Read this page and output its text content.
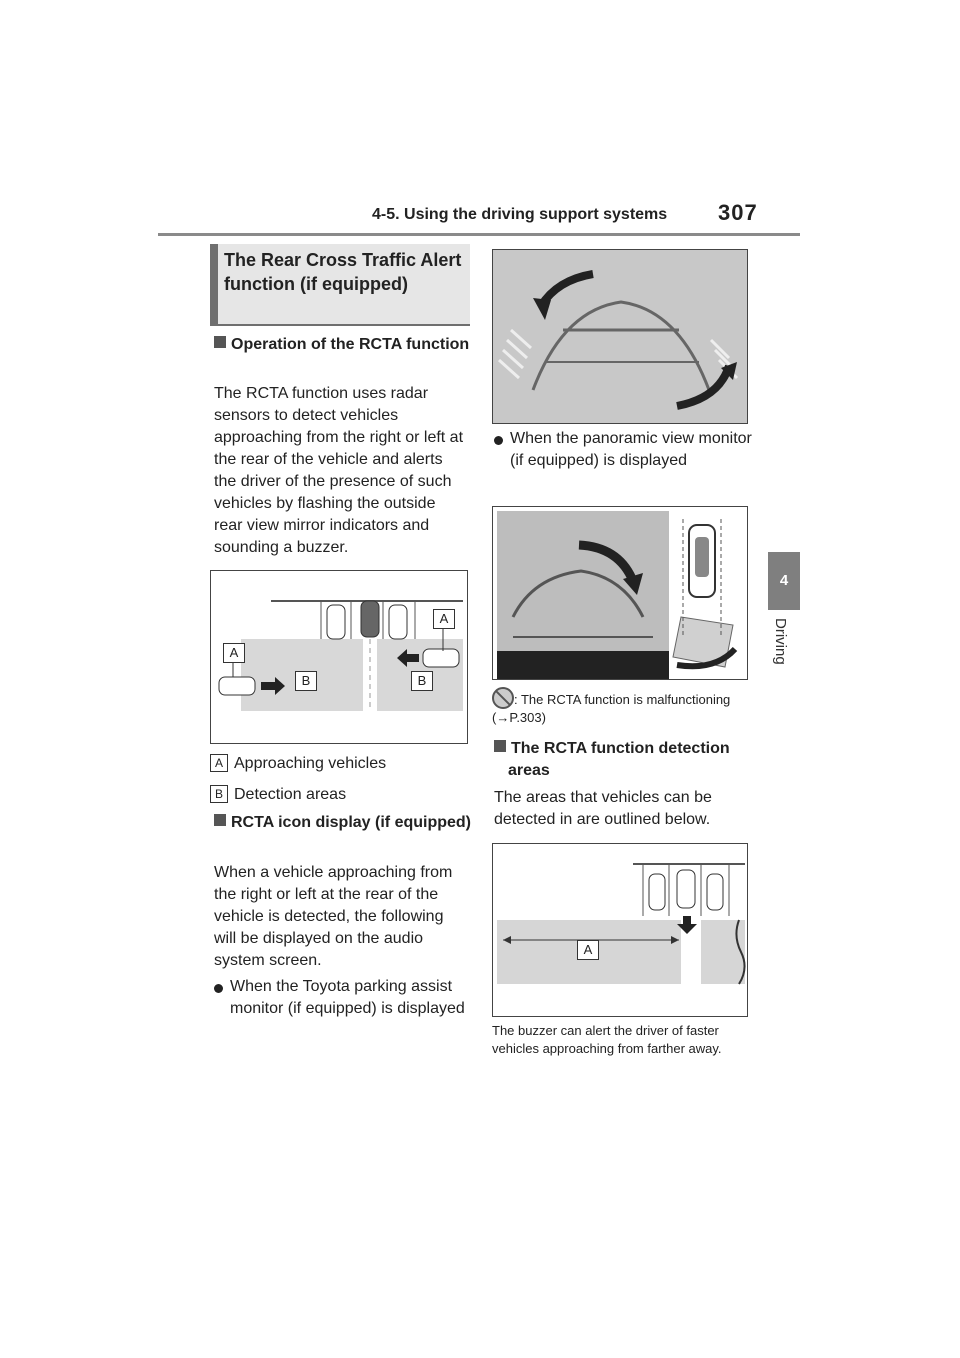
4-5. Using the driving support systems 307
4
Driving
The Rear Cross Traffic Alert function (if equipped)
Operation of the RCTA function
The RCTA function uses radar sensors to detect vehicles approaching from the right or left at the rear of the vehicle and alerts the driver of the presence of such vehicles by flashing the outside rear view mirror indicators and sounding a buzzer.
A
A
B	B
A Approaching vehicles
B Detection areas
RCTA icon display (if equipped)
When a vehicle approaching from the right or left at the rear of the vehicle is detected, the following will be displayed on the audio system screen.
When the Toyota parking assist monitor (if equipped) is displayed
When the panoramic view monitor (if equipped) is displayed
: The RCTA function is malfunctioning (→P.303)
The RCTA function detection areas
The areas that vehicles can be detected in are outlined below.
A
The buzzer can alert the driver of faster vehicles approaching from farther away.
